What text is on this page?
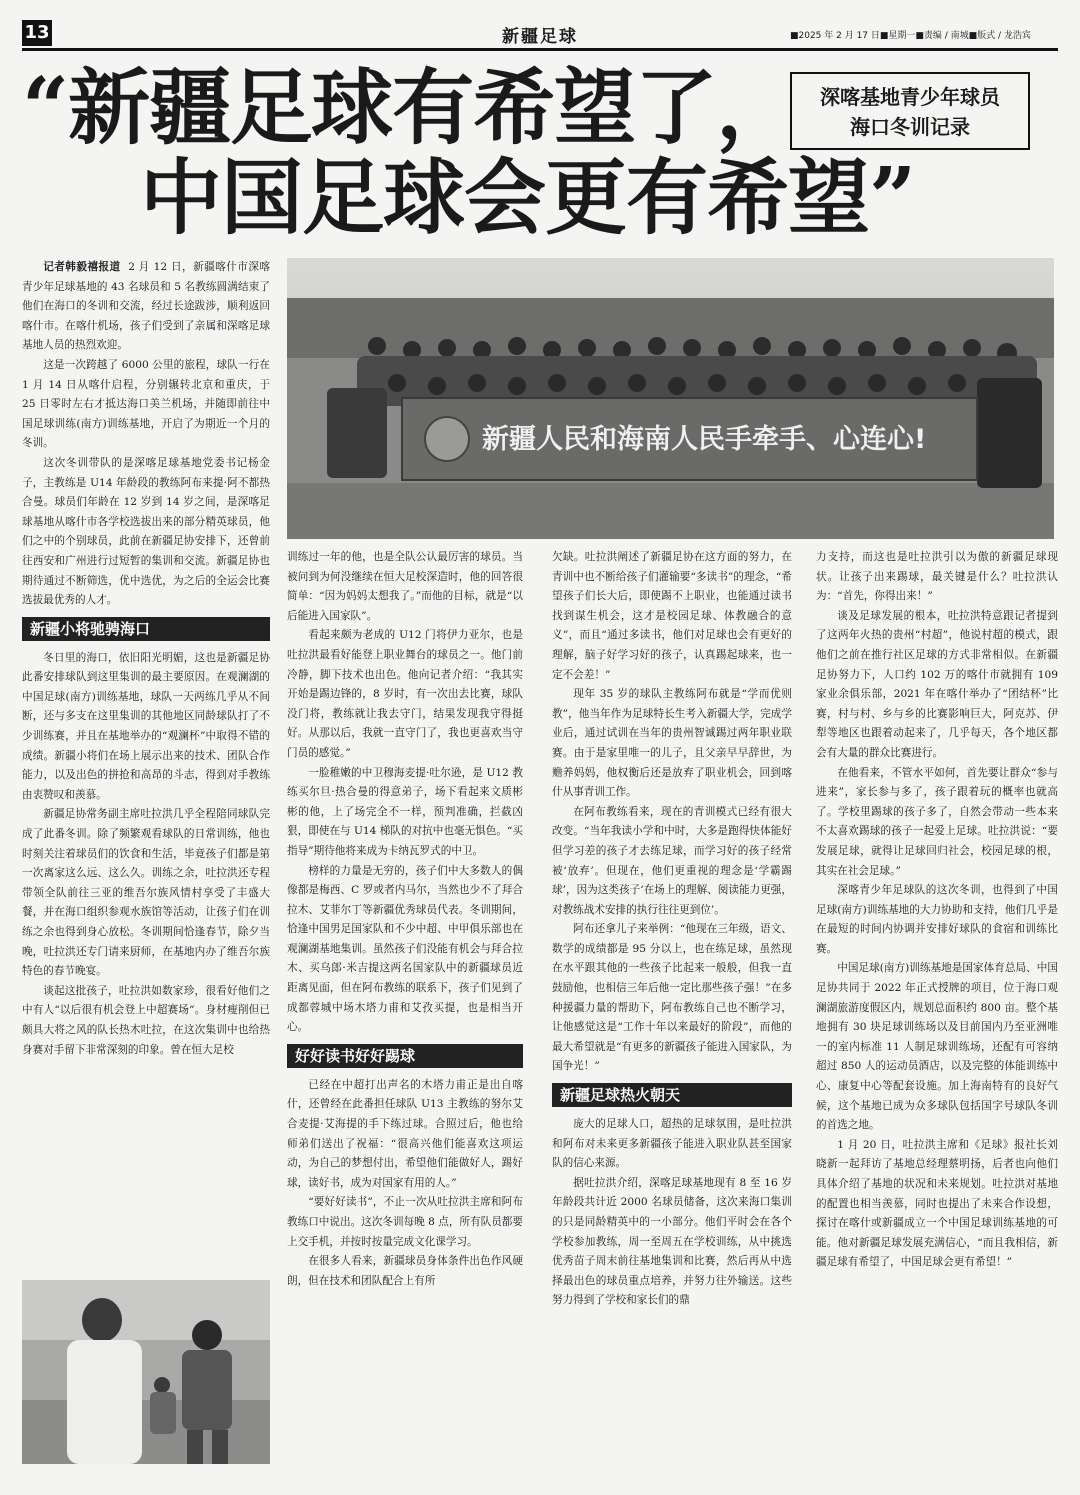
13	新疆足球	■2025 年 2 月 17 日■星期一■责编 / 南城■版式 / 龙浩宾
“新疆足球有希望了，
中国足球会更有希望”
深喀基地青少年球员
海口冬训记录
新疆人民和海南人民手牵手、心连心!

记者韩毅禧报道 2 月 12 日，新疆喀什市深喀青少年足球基地的 43 名球员和 5 名教练圆满结束了他们在海口的冬训和交流，经过长途跋涉，顺利返回喀什市。在喀什机场，孩子们受到了亲属和深喀足球基地人员的热烈欢迎。

这是一次跨越了 6000 公里的旅程，球队一行在 1 月 14 日从喀什启程，分别辗转北京和重庆，于 25 日零时左右才抵达海口美兰机场，并随即前往中国足球训练(南方)训练基地，开启了为期近一个月的冬训。

这次冬训带队的是深喀足球基地党委书记杨金子，主教练是 U14 年龄段的教练阿布来提·阿不都热合曼。球员们年龄在 12 岁到 14 岁之间，是深喀足球基地从喀什市各学校选拔出来的部分精英球员，他们之中的个别球员，此前在新疆足协安排下，还曾前往西安和广州进行过短暂的集训和交流。新疆足协也期待通过不断筛选，优中选优，为之后的全运会比赛选拔最优秀的人才。

新疆小将驰骋海口

冬日里的海口，依旧阳光明媚，这也是新疆足协此番安排球队到这里集训的最主要原因。在观澜湖的中国足球(南方)训练基地，球队一天两练几乎从不间断，还与多支在这里集训的其他地区同龄球队打了不少训练赛，并且在基地举办的“观澜杯”中取得不错的成绩。新疆小将们在场上展示出来的技术、团队合作能力，以及出色的拼抢和高昂的斗志，得到对手教练由衷赞叹和羡慕。

新疆足协常务副主席吐拉洪几乎全程陪同球队完成了此番冬训。除了频繁观看球队的日常训练，他也时刻关注着球员们的饮食和生活，毕竟孩子们都是第一次离家这么远、这么久。训练之余，吐拉洪还专程带领全队前往三亚的维吾尔族风情村享受了丰盛大餐，并在海口组织参观水族馆等活动，让孩子们在训练之余也得到身心放松。冬训期间恰逢春节，除夕当晚，吐拉洪还专门请来厨师，在基地内办了维吾尔族特色的春节晚宴。

谈起这批孩子，吐拉洪如数家珍，很看好他们之中有人“以后很有机会登上中超赛场”。身材瘦削但已颇具大将之风的队长热木吐拉，在这次集训中也给热身赛对手留下非常深刻的印象。曾在恒大足校

训练过一年的他，也是全队公认最厉害的球员。当被问到为何没继续在恒大足校深造时，他的回答很简单：“因为妈妈太想我了。”而他的目标，就是“以后能进入国家队”。

看起来颇为老成的 U12 门将伊力亚尔，也是吐拉洪最看好能登上职业舞台的球员之一。他门前冷静，脚下技术也出色。他向记者介绍：“我其实开始是踢边锋的，8 岁时，有一次出去比赛，球队没门将，教练就让我去守门，结果发现我守得挺好。从那以后，我就一直守门了，我也更喜欢当守门员的感觉。”

一脸稚嫩的中卫穆海麦提·吐尔逊，是 U12 教练买尔旦·热合曼的得意弟子，场下看起来文质彬彬的他，上了场完全不一样，预判准确，拦截凶狠，即使在与 U14 梯队的对抗中也毫无惧色。“买指导”期待他将来成为卡纳瓦罗式的中卫。

榜样的力量是无穷的，孩子们中大多数人的偶像都是梅西、C 罗或者内马尔，当然也少不了拜合拉木、艾菲尔丁等新疆优秀球员代表。冬训期间，恰逢中国男足国家队和不少中超、中甲俱乐部也在观澜湖基地集训。虽然孩子们没能有机会与拜合拉木、买乌郎·米吉提这两名国家队中的新疆球员近距离见面，但在阿布教练的联系下，孩子们见到了成都蓉城中场木塔力甫和艾孜买提，也是相当开心。

好好读书好好踢球

已经在中超打出声名的木塔力甫正是出自喀什，还曾经在此番担任球队 U13 主教练的努尔艾合麦提·艾海提的手下练过球。合照过后，他也给师弟们送出了祝福：“很高兴他们能喜欢这项运动，为自己的梦想付出，希望他们能做好人，踢好球，读好书，成为对国家有用的人。”

“要好好读书”，不止一次从吐拉洪主席和阿布教练口中说出。这次冬训每晚 8 点，所有队员都要上交手机，并按时按量完成文化课学习。

在很多人看来，新疆球员身体条件出色作风硬朗，但在技术和团队配合上有所

欠缺。吐拉洪阐述了新疆足协在这方面的努力，在青训中也不断给孩子们灌输要“多读书”的理念，“希望孩子们长大后，即使踢不上职业，也能通过读书找到谋生机会，这才是校园足球、体教融合的意义”，而且“通过多读书，他们对足球也会有更好的理解，脑子好学习好的孩子，认真踢起球来，也一定不会差！”

现年 35 岁的球队主教练阿布就是“学而优则教”，他当年作为足球特长生考入新疆大学，完成学业后，通过试训在当年的贵州智诚踢过两年职业联赛。由于是家里唯一的儿子，且父亲早早辞世，为赡养妈妈，他权衡后还是放弃了职业机会，回到喀什从事青训工作。

在阿布教练看来，现在的青训模式已经有很大改变。“当年我读小学和中时，大多是跑得快体能好但学习差的孩子才去练足球，而学习好的孩子经常被‘放弃’。但现在，他们更重视的理念是‘学霸踢球’，因为这类孩子‘在场上的理解、阅读能力更强，对教练战术安排的执行往往更到位’。

阿布还拿儿子来举例：“他现在三年级，语文、数学的成绩都是 95 分以上，也在练足球，虽然现在水平跟其他的一些孩子比起来一般般，但我一直鼓励他，也相信三年后他一定比那些孩子强！”在多种援疆力量的帮助下，阿布教练自己也不断学习，让他感觉这是“工作十年以来最好的阶段”，而他的最大希望就是“有更多的新疆孩子能进入国家队，为国争光！”

新疆足球热火朝天

庞大的足球人口，超热的足球氛围，是吐拉洪和阿布对未来更多新疆孩子能进入职业队甚至国家队的信心来源。

据吐拉洪介绍，深喀足球基地现有 8 至 16 岁年龄段共计近 2000 名球员储备，这次来海口集训的只是同龄精英中的一小部分。他们平时会在各个学校参加教练，周一至周五在学校训练，从中挑选优秀苗子周末前往基地集训和比赛，然后再从中选择最出色的球员重点培养，并努力往外输送。这些努力得到了学校和家长们的鼎

力支持，而这也是吐拉洪引以为傲的新疆足球现状。让孩子出来踢球，最关键是什么？吐拉洪认为：“首先，你得出来！”

谈及足球发展的根本，吐拉洪特意跟记者提到了这两年火热的贵州“村超”，他说村超的模式，跟他们之前在推行社区足球的方式非常相似。在新疆足协努力下，人口约 102 万的喀什市就拥有 109 家业余俱乐部，2021 年在喀什举办了“团结杯”比赛，村与村、乡与乡的比赛影响巨大，阿克苏、伊犁等地区也跟着动起来了，几乎每天，各个地区都会有大量的群众比赛进行。

在他看来，不管水平如何，首先要让群众“参与进来”，家长参与多了，孩子跟着玩的概率也就高了。学校里踢球的孩子多了，自然会带动一些本来不太喜欢踢球的孩子一起爱上足球。吐拉洪说：“要发展足球，就得让足球回归社会，校园足球的根，其实在社会足球。”

深喀青少年足球队的这次冬训，也得到了中国足球(南方)训练基地的大力协助和支持，他们几乎是在最短的时间内协调并安排好球队的食宿和训练比赛。

中国足球(南方)训练基地是国家体育总局、中国足协共同于 2022 年正式授牌的项目，位于海口观澜湖旅游度假区内，规划总面积约 800 亩。整个基地拥有 30 块足球训练场以及目前国内乃至亚洲唯一的室内标准 11 人制足球训练场，还配有可容纳超过 850 人的运动员酒店，以及完整的体能训练中心、康复中心等配套设施。加上海南特有的良好气候，这个基地已成为众多球队包括国字号球队冬训的首选之地。

1 月 20 日，吐拉洪主席和《足球》报社长刘晓新一起拜访了基地总经理蔡明扬，后者也向他们具体介绍了基地的状况和未来规划。吐拉洪对基地的配置也相当羡慕，同时也提出了未来合作设想，探讨在喀什或新疆成立一个中国足球训练基地的可能。他对新疆足球发展充满信心，“而且我相信，新疆足球有希望了，中国足球会更有希望！”
